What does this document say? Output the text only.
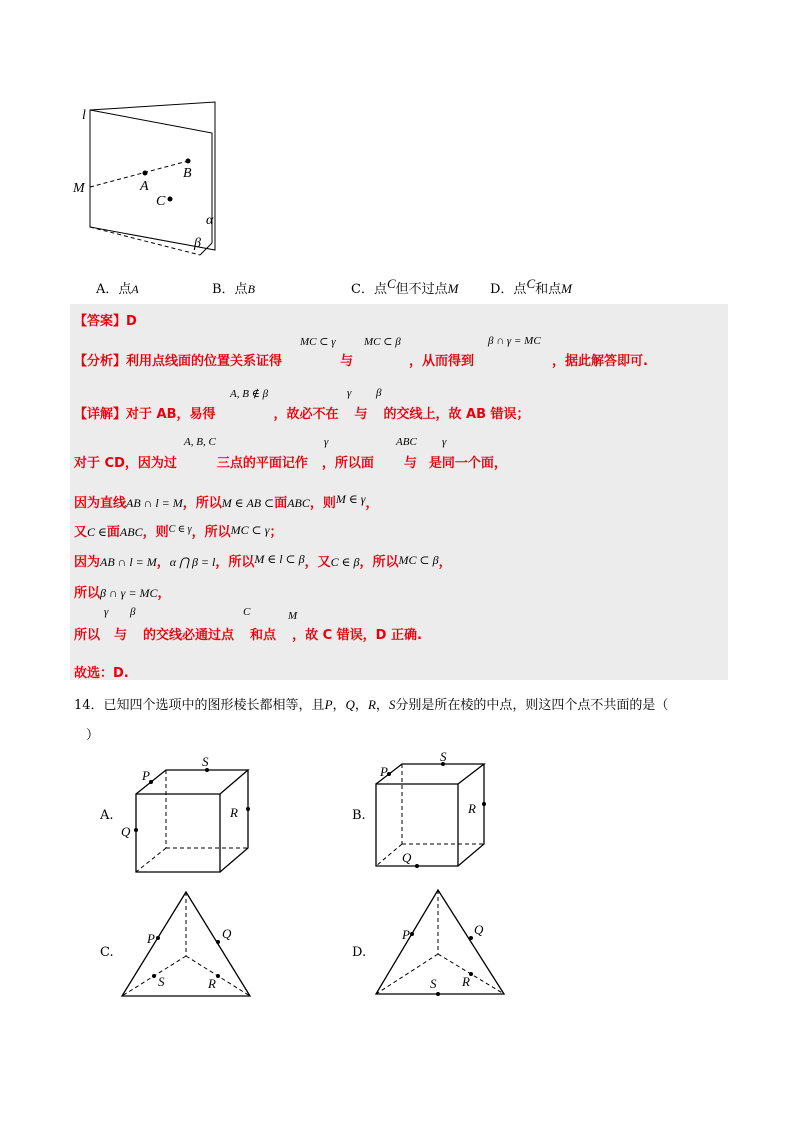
l
M	A
B
C
α
β
A．点A	B．点B	C．点C但不过点M D．点C和点M
【答案】D
【分析】利用点线面的位置关系证得	与	，从而得到	，据此解答即可.
MC ⊂ γ	MC ⊂ β	β ∩ γ = MC
【详解】对于 AB，易得	，故必不在 与 的交线上，故 AB 错误；
A, B ∉ β	γ β
对于 CD，因为过	三点的平面记作 ，所以面 与 是同一个面，
A, B, C	γ	ABC γ
因为直线AB ∩ l = M，所以M ∈ AB ⊂面ABC，则M ∈ γ，
又C ∈面ABC，则$^{C \in \gamma}$，所以MC ⊂ γ；
因为AB ∩ l = M，α ⋂ β = l，所以M ∈ l ⊂ β，又C ∈ β，所以MC ⊂ β，
所以β ∩ γ = MC，
所以 与 的交线必通过点 和点 ，故 C 错误，D 正确.
γ β	C	M
故选：D.
14．已知四个选项中的图形棱长都相等，且P，Q，R，S分别是所在棱的中点，则这四个点不共面的是（
）
A.	B.
C.	D.
P
S
R
Q
P
S
R
Q
P	Q
S	R
P	Q
S R
